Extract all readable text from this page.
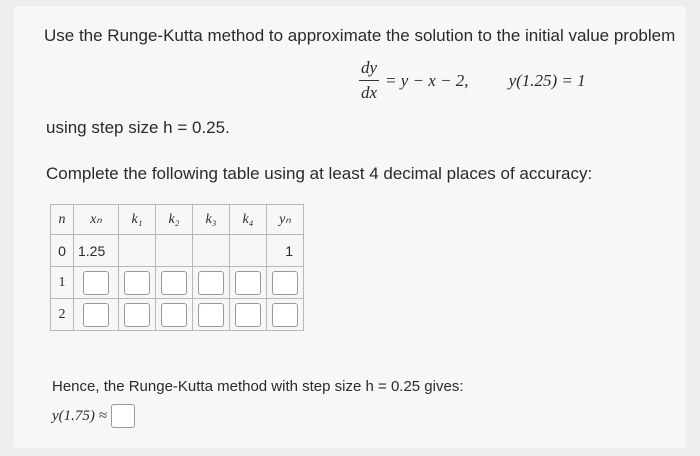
Use the Runge-Kutta method to approximate the solution to the initial value problem
$\frac{dy}{dx} = y - x - 2$, y(1.25) = 1
using step size h = 0.25.
Complete the following table using at least 4 decimal places of accuracy:
n	xₙ	k₁	k₂	k₃	k₄	yₙ
0	1.25					1
1						
2						
Hence, the Runge-Kutta method with step size h = 0.25 gives:
y(1.75) ≈
